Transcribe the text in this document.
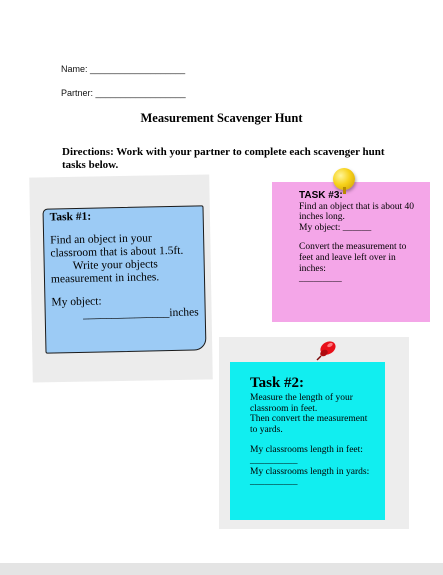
Name: ___________________
Partner: __________________
Measurement Scavenger Hunt
Directions: Work with your partner to complete each scavenger hunt tasks below.

Task #1:

Find an object in your classroom that is about 1.5ft.

Write your objects measurement in inches.

My object:

_______________inches

TASK #3:

Find an object that is about 40 inches long.

My object: ______

Convert the measurement to feet and leave left over in inches:

_________

Task #2:

Measure the length of your classroom in feet.

Then convert the measurement to yards.

My classrooms length in feet:

__________

My classrooms length in yards: __________
